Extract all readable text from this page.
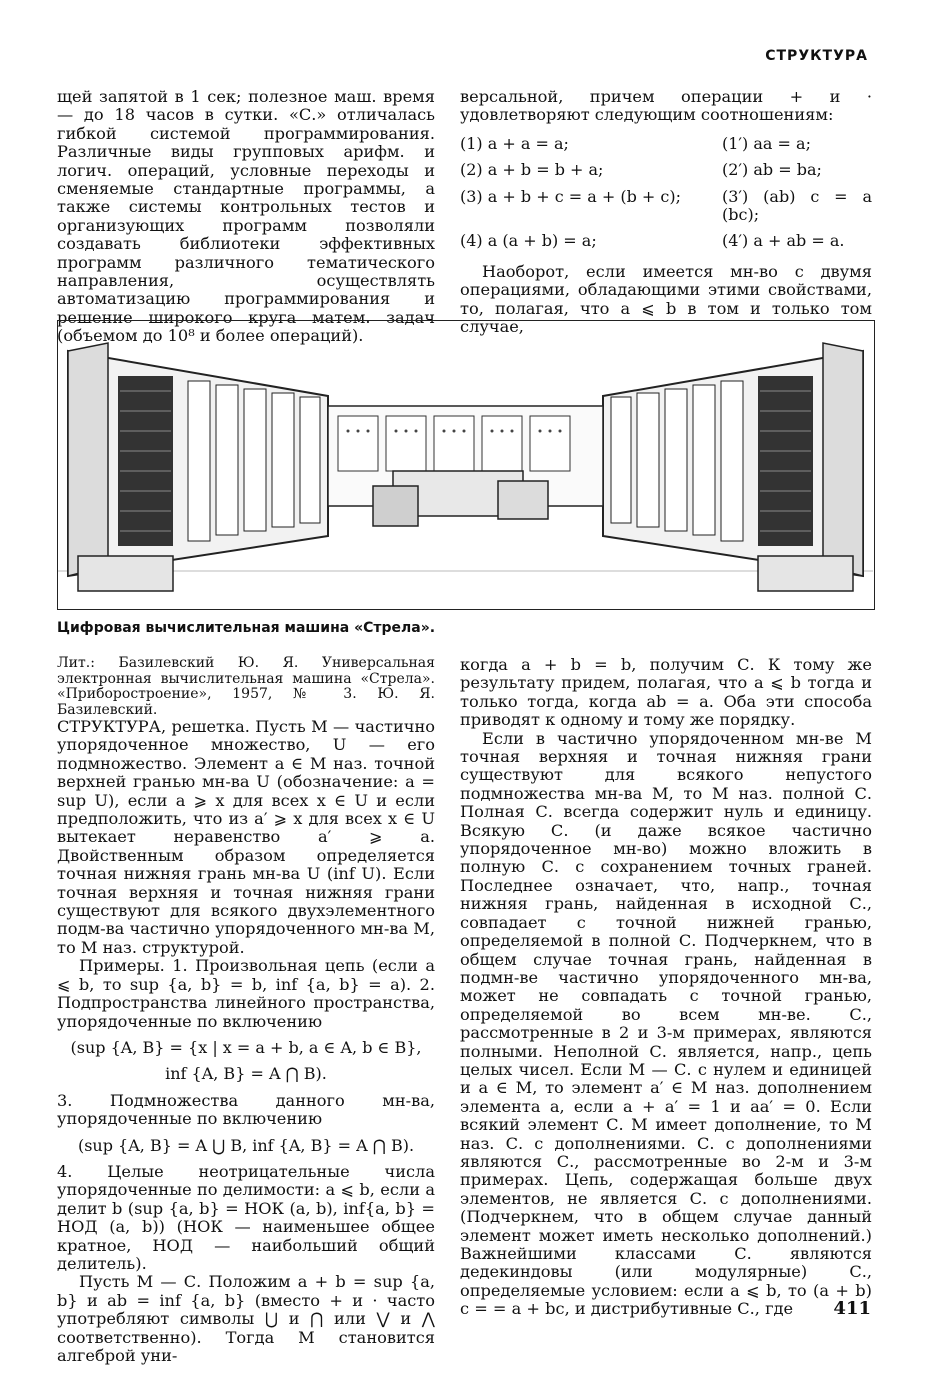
СТРУКТУРА

щей запятой в 1 сек; полезное маш. время — до 18 часов в сутки. «С.» отличалась гибкой системой программирования. Различные виды групповых арифм. и логич. операций, условные переходы и сменяемые стандартные программы, а также системы контрольных тестов и организующих программ позволяли создавать библиотеки эффективных программ различного тематического направления, осуществлять автоматизацию программирования и решение широкого круга матем. задач (объемом до 10⁸ и более операций).

версальной, причем операции + и · удовлетворяют следующим соотношениям:

(1) a + a = a;	(1′) aa = a;
(2) a + b = b + a;	(2′) ab = ba;
(3) a + b + c = a + (b + c);	(3′) (ab) c = a (bc);
(4) a (a + b) = a;	(4′) a + ab = a.

Наоборот, если имеется мн-во с двумя операциями, обладающими этими свойствами, то, полагая, что a ⩽ b в том и только том случае,

Цифровая вычислительная машина «Стрела».

Лит.: Базилевский Ю. Я. Универсальная электронная вычислительная машина «Стрела». «Приборостроение», 1957, № 3. Ю. Я. Базилевский.

СТРУКТУРА, решетка. Пусть M — частично упорядоченное множество, U — его подмножество. Элемент a ∈ M наз. точной верхней гранью мн-ва U (обозначение: a = sup U), если a ⩾ x для всех x ∈ U и если предположить, что из a′ ⩾ x для всех x ∈ U вытекает неравенство a′ ⩾ a. Двойственным образом определяется точная нижняя грань мн-ва U (inf U). Если точная верхняя и точная нижняя грани существуют для всякого двухэлементного подм-ва частично упорядоченного мн-ва M, то M наз. структурой.

Примеры. 1. Произвольная цепь (если a ⩽ b, то sup {a, b} = b, inf {a, b} = a). 2. Подпространства линейного пространства, упорядоченные по включению

(sup {A, B} = {x | x = a + b, a ∈ A, b ∈ B},
inf {A, B} = A ⋂ B).

3. Подмножества данного мн-ва, упорядоченные по включению

(sup {A, B} = A ⋃ B, inf {A, B} = A ⋂ B).

4. Целые неотрицательные числа упорядоченные по делимости: a ⩽ b, если a делит b (sup {a, b} = НОК (a, b), inf{a, b} = НОД (a, b)) (НОК — наименьшее общее кратное, НОД — наибольший общий делитель).

Пусть M — С. Положим a + b = sup {a, b} и ab = inf {a, b} (вместо + и · часто употребляют символы ⋃ и ⋂ или ⋁ и ⋀ соответственно). Тогда M становится алгеброй уни-

когда a + b = b, получим С. К тому же результату придем, полагая, что a ⩽ b тогда и только тогда, когда ab = a. Оба эти способа приводят к одному и тому же порядку.

Если в частично упорядоченном мн-ве M точная верхняя и точная нижняя грани существуют для всякого непустого подмножества мн-ва M, то M наз. полной С. Полная С. всегда содержит нуль и единицу. Всякую С. (и даже всякое частично упорядоченное мн-во) можно вложить в полную С. с сохранением точных граней. Последнее означает, что, напр., точная нижняя грань, найденная в исходной С., совпадает с точной нижней гранью, определяемой в полной С. Подчеркнем, что в общем случае точная грань, найденная в подмн-ве частично упорядоченного мн-ва, может не совпадать с точной гранью, определяемой во всем мн-ве. С., рассмотренные в 2 и 3-м примерах, являются полными. Неполной С. является, напр., цепь целых чисел. Если M — С. с нулем и единицей и a ∈ M, то элемент a′ ∈ M наз. дополнением элемента a, если a + a′ = 1 и aa′ = 0. Если всякий элемент С. M имеет дополнение, то M наз. С. с дополнениями. С. с дополнениями являются С., рассмотренные во 2-м и 3-м примерах. Цепь, содержащая больше двух элементов, не является С. с дополнениями. (Подчеркнем, что в общем случае данный элемент может иметь несколько дополнений.) Важнейшими классами С. являются дедекиндовы (или модулярные) С., определяемые условием: если a ⩽ b, то (a + b) c = = a + bc, и дистрибутивные С., где	411
